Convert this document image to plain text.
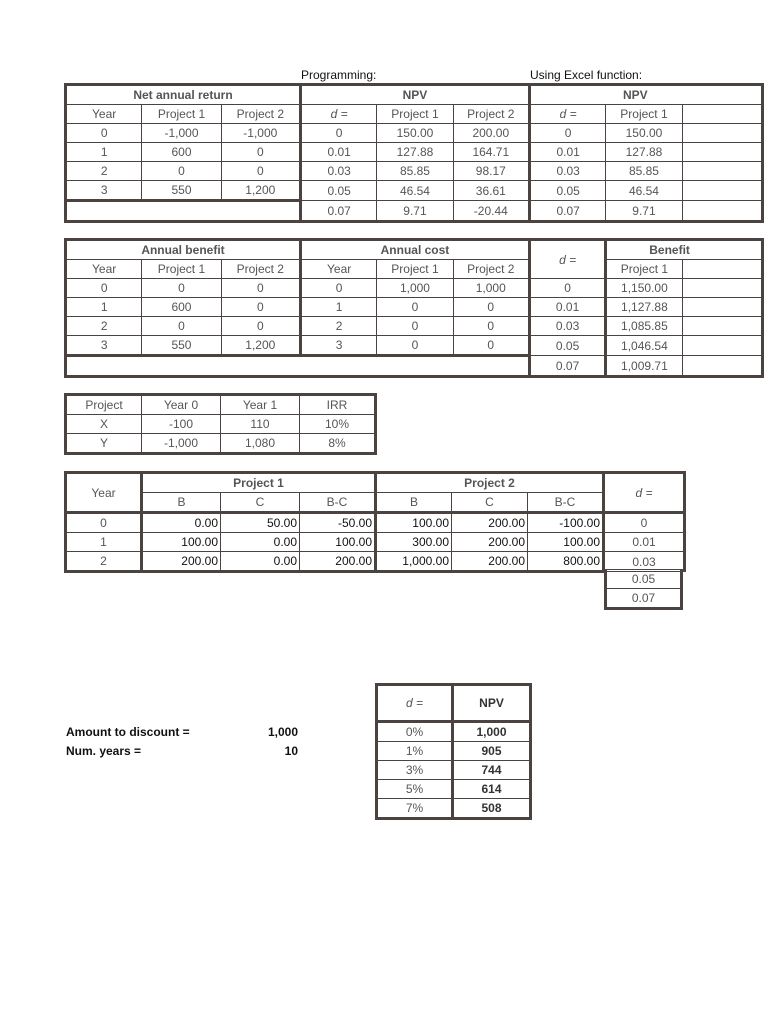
Programming:	Using Excel function:
Net annual return			NPV			NPV		
Year	Project 1	Project 2	d =	Project 1	Project 2	d =	Project 1	
0	-1,000	-1,000	0	150.00	200.00	0	150.00	
1	600	0	0.01	127.88	164.71	0.01	127.88	
2	0	0	0.03	85.85	98.17	0.03	85.85	
3	550	1,200	0.05	46.54	36.61	0.05	46.54	
			0.07	9.71	-20.44	0.07	9.71	
Annual benefit			Annual cost			d =	Benefit	
Year	Project 1	Project 2	Year	Project 1	Project 2		Project 1	
0	0	0	0	1,000	1,000	0	1,150.00	
1	600	0	1	0	0	0.01	1,127.88	
2	0	0	2	0	0	0.03	1,085.85	
3	550	1,200	3	0	0	0.05	1,046.54	
						0.07	1,009.71	
Project	Year 0	Year 1	IRR
X	-100	110	10%
Y	-1,000	1,080	8%
Year	Project 1			Project 2			d =
	B	C	B-C	B	C	B-C	
0	0.00	50.00	-50.00	100.00	200.00	-100.00	0
1	100.00	0.00	100.00	300.00	200.00	100.00	0.01
2	200.00	0.00	200.00	1,000.00	200.00	800.00	0.03
0.05
0.07
Amount to discount =	1,000
Num. years =	10
d =	NPV
0%	1,000
1%	905
3%	744
5%	614
7%	508
